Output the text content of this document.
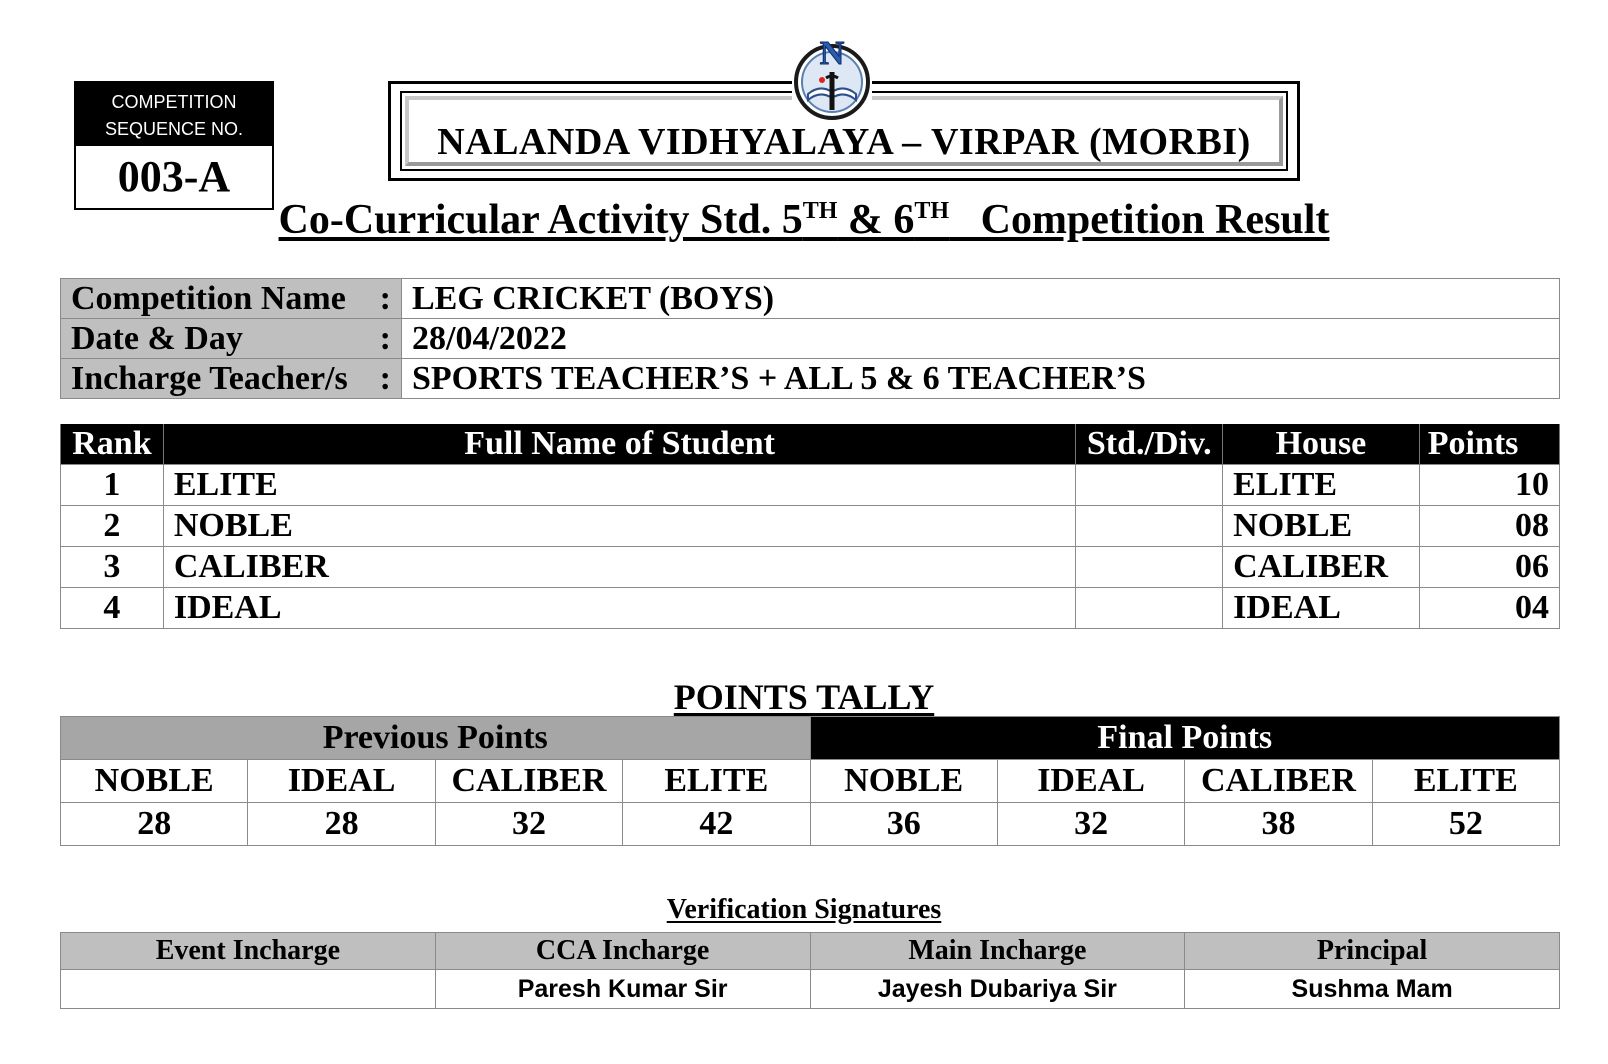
COMPETITION
SEQUENCE NO.
003-A
NALANDA VIDHYALAYA – VIRPAR (MORBI)
N
Co-Curricular Activity Std. 5TH & 6TH   Competition Result
Competition Name :	LEG CRICKET (BOYS)

Date & Day :	28/04/2022

Incharge Teacher/s :	SPORTS TEACHER’S + ALL 5 & 6 TEACHER’S
Rank	Full Name of Student	Std./Div.	House	Points
1	ELITE		ELITE	10
2	NOBLE		NOBLE	08
3	CALIBER		CALIBER	06
4	IDEAL		IDEAL	04
POINTS TALLY
Previous Points				Final Points			
NOBLE	IDEAL	CALIBER	ELITE	NOBLE	IDEAL	CALIBER	ELITE
28	28	32	42	36	32	38	52
Verification Signatures
Event Incharge	CCA Incharge	Main Incharge	Principal
	Paresh Kumar Sir	Jayesh Dubariya Sir	Sushma Mam
